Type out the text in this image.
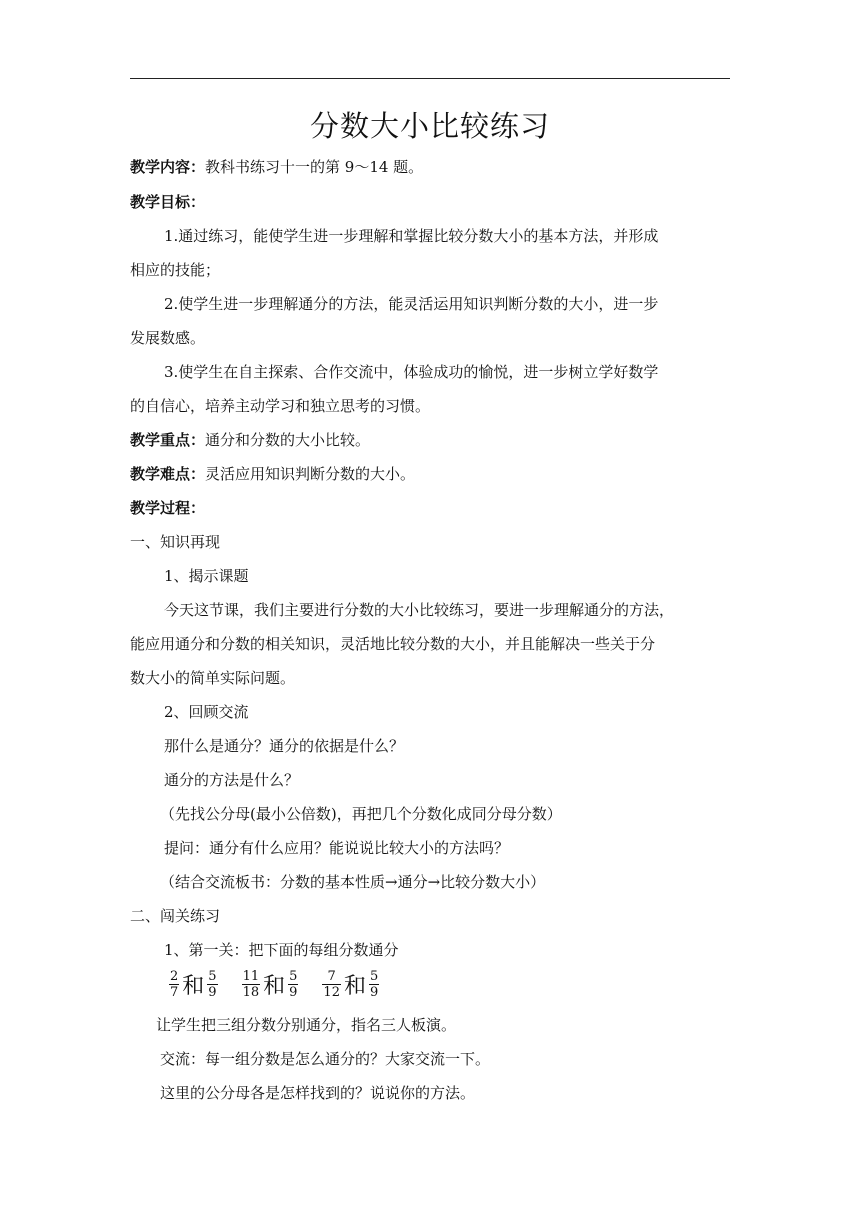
分数大小比较练习
教学内容：教科书练习十一的第 9～14 题。
教学目标：
1.通过练习，能使学生进一步理解和掌握比较分数大小的基本方法，并形成
相应的技能；
2.使学生进一步理解通分的方法，能灵活运用知识判断分数的大小，进一步
发展数感。
3.使学生在自主探索、合作交流中，体验成功的愉悦，进一步树立学好数学
的自信心，培养主动学习和独立思考的习惯。
教学重点：通分和分数的大小比较。
教学难点：灵活应用知识判断分数的大小。
教学过程：
一、知识再现
1、揭示课题
今天这节课，我们主要进行分数的大小比较练习，要进一步理解通分的方法，
能应用通分和分数的相关知识，灵活地比较分数的大小，并且能解决一些关于分
数大小的简单实际问题。
2、回顾交流
那什么是通分？通分的依据是什么？
通分的方法是什么？
（先找公分母(最小公倍数)，再把几个分数化成同分母分数）
提问：通分有什么应用？能说说比较大小的方法吗？
（结合交流板书：分数的基本性质→通分→比较分数大小）
二、闯关练习
1、第一关：把下面的每组分数通分
$\frac{2}{7}$ 和 $\frac{5}{9} \frac{11}{18}$ 和 $\frac{5}{9} \frac{7}{12}$ 和 $\frac{5}{9}$
让学生把三组分数分别通分，指名三人板演。
交流：每一组分数是怎么通分的？大家交流一下。
这里的公分母各是怎样找到的？说说你的方法。
